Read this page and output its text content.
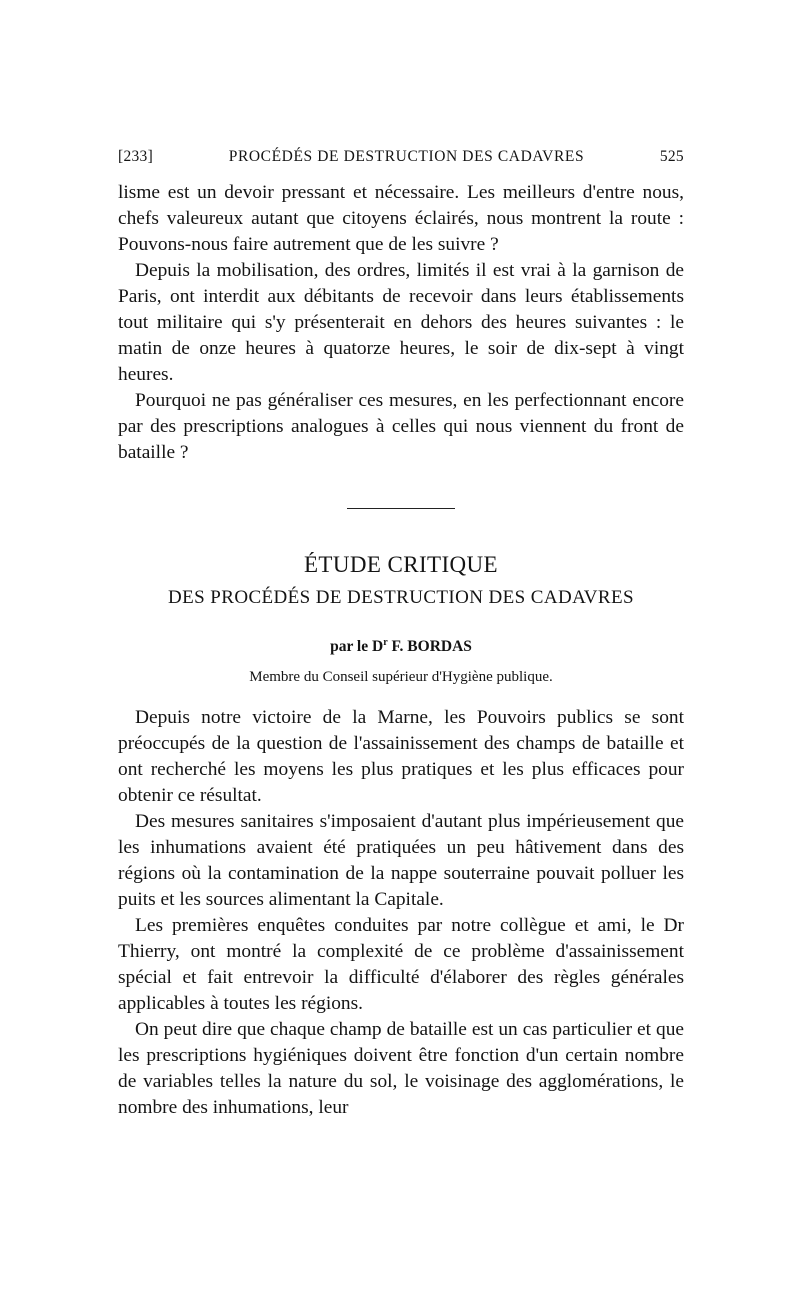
[233]	PROCÉDÉS DE DESTRUCTION DES CADAVRES	525

lisme est un devoir pressant et nécessaire. Les meilleurs d'entre nous, chefs valeureux autant que citoyens éclairés, nous montrent la route : Pouvons-nous faire autrement que de les suivre ?

Depuis la mobilisation, des ordres, limités il est vrai à la garnison de Paris, ont interdit aux débitants de recevoir dans leurs établissements tout militaire qui s'y présenterait en dehors des heures suivantes : le matin de onze heures à quatorze heures, le soir de dix-sept à vingt heures.

Pourquoi ne pas généraliser ces mesures, en les perfectionnant encore par des prescriptions analogues à celles qui nous viennent du front de bataille ?

ÉTUDE CRITIQUE
DES PROCÉDÉS DE DESTRUCTION DES CADAVRES
par le $D^r$ F. BORDAS
Membre du Conseil supérieur d'Hygiène publique.

Depuis notre victoire de la Marne, les Pouvoirs publics se sont préoccupés de la question de l'assainissement des champs de bataille et ont recherché les moyens les plus pratiques et les plus efficaces pour obtenir ce résultat.

Des mesures sanitaires s'imposaient d'autant plus impérieusement que les inhumations avaient été pratiquées un peu hâtivement dans des régions où la contamination de la nappe souterraine pouvait polluer les puits et les sources alimentant la Capitale.

Les premières enquêtes conduites par notre collègue et ami, le Dr Thierry, ont montré la complexité de ce problème d'assainissement spécial et fait entrevoir la difficulté d'élaborer des règles générales applicables à toutes les régions.

On peut dire que chaque champ de bataille est un cas particulier et que les prescriptions hygiéniques doivent être fonction d'un certain nombre de variables telles la nature du sol, le voisinage des agglomérations, le nombre des inhumations, leur
